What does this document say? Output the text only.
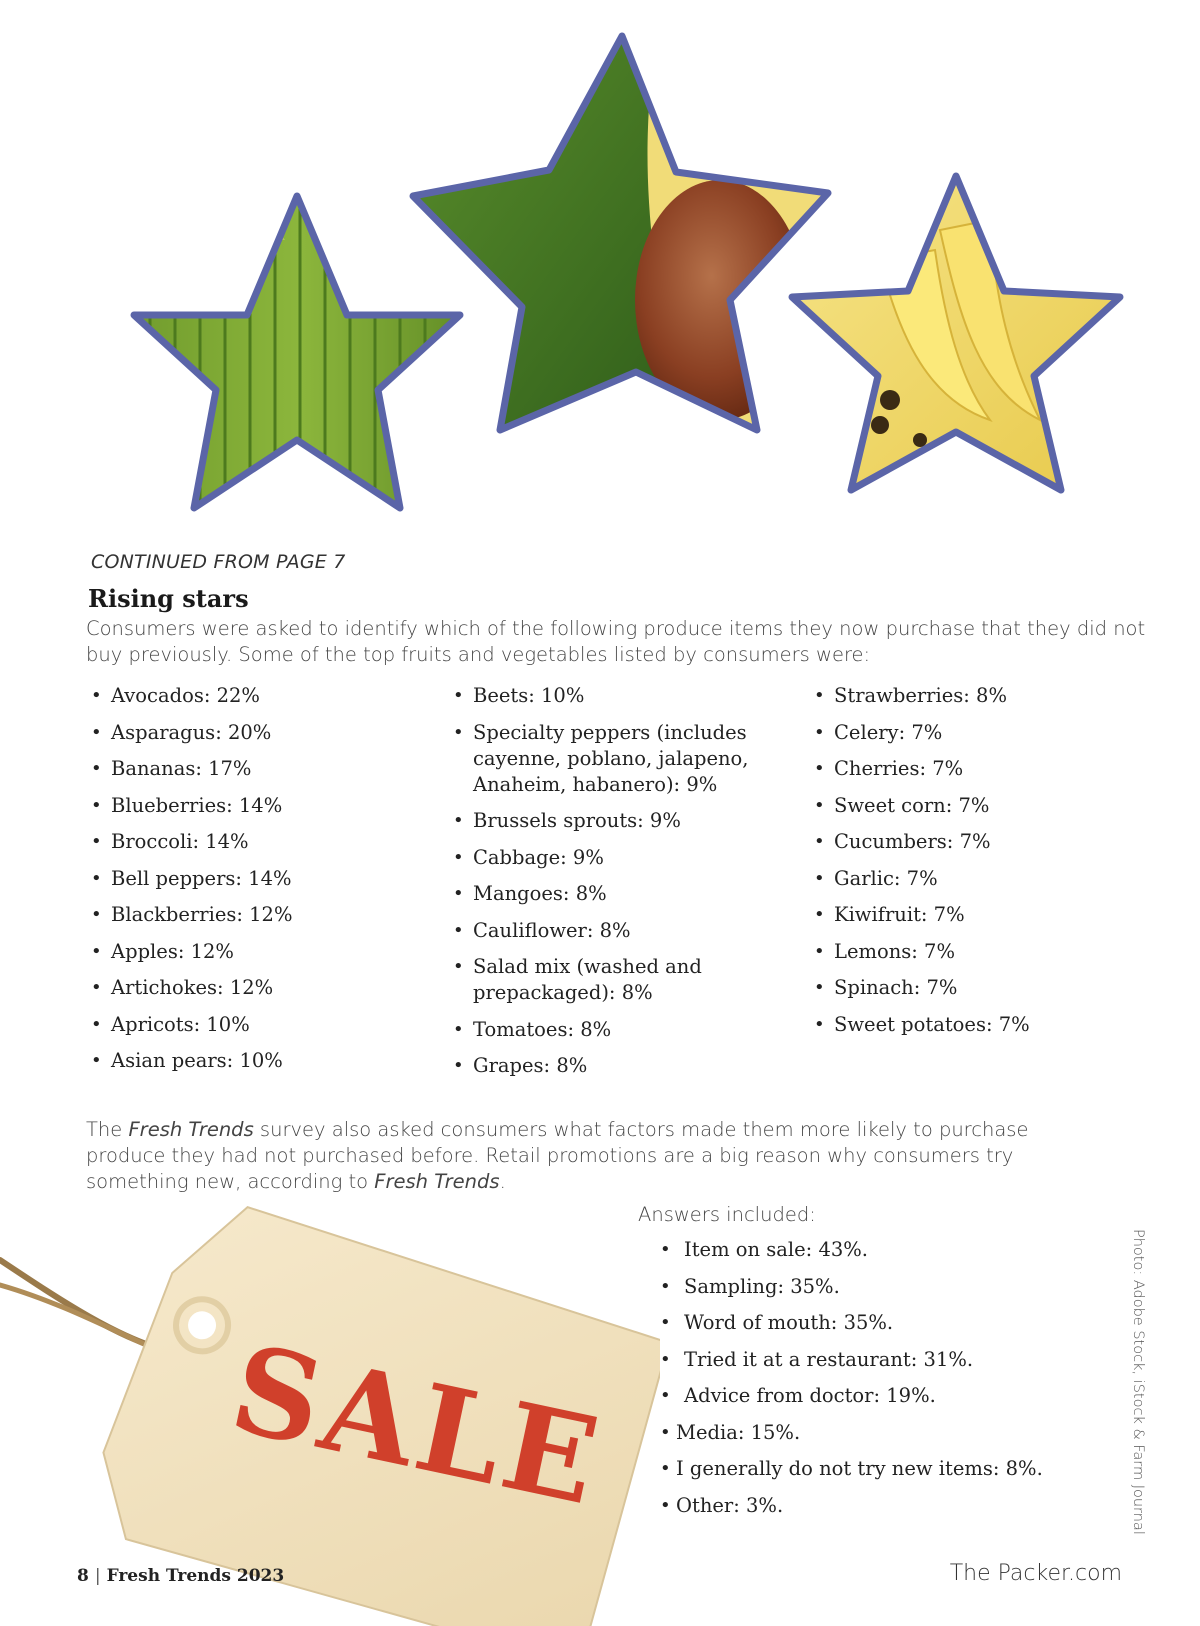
CONTINUED FROM PAGE 7
Rising stars
Consumers were asked to identify which of the following produce items they now purchase that they did not buy previously. Some of the top fruits and vegetables listed by consumers were:
• Avocados: 22%
• Asparagus: 20%
• Bananas: 17%
• Blueberries: 14%
• Broccoli: 14%
• Bell peppers: 14%
• Blackberries: 12%
• Apples: 12%
• Artichokes: 12%
• Apricots: 10%
• Asian pears: 10%
• Beets: 10%
• Specialty peppers (includes cayenne, poblano, jalapeno, Anaheim, habanero): 9%
• Brussels sprouts: 9%
• Cabbage: 9%
• Mangoes: 8%
• Cauliflower: 8%
• Salad mix (washed and prepackaged): 8%
• Tomatoes: 8%
• Grapes: 8%
• Strawberries: 8%
• Celery: 7%
• Cherries: 7%
• Sweet corn: 7%
• Cucumbers: 7%
• Garlic: 7%
• Kiwifruit: 7%
• Lemons: 7%
• Spinach: 7%
• Sweet potatoes: 7%
The Fresh Trends survey also asked consumers what factors made them more likely to purchase produce they had not purchased before. Retail promotions are a big reason why consumers try something new, according to Fresh Trends.
SALE
Answers included:
• Item on sale: 43%.
• Sampling: 35%.
• Word of mouth: 35%.
• Tried it at a restaurant: 31%.
• Advice from doctor: 19%.
• Media: 15%.
• I generally do not try new items: 8%.
• Other: 3%.	Photo: Adobe Stock, iStock & Farm Journal
8 | Fresh Trends 2023	The Packer.com
